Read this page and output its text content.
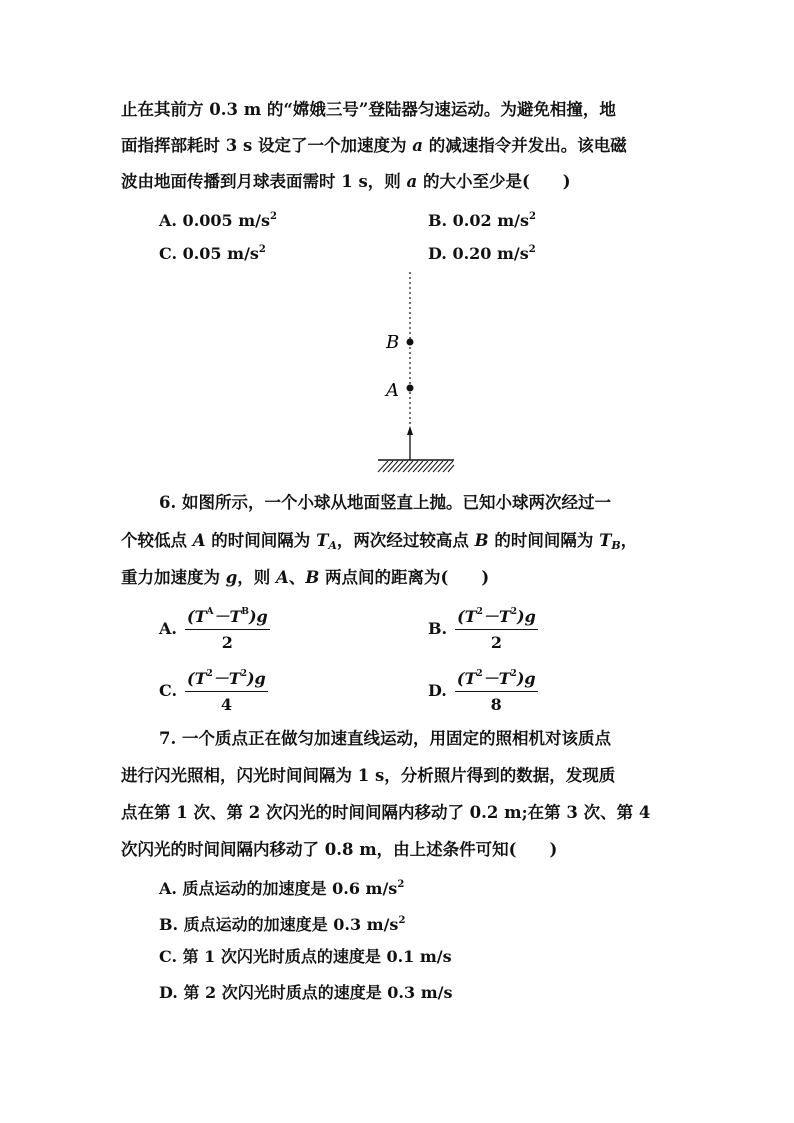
止在其前方 0.3 m 的“嫦娥三号”登陆器匀速运动。为避免相撞，地
面指挥部耗时 3 s 设定了一个加速度为 a 的减速指令并发出。该电磁
波由地面传播到月球表面需时 1 s，则 a 的大小至少是(　　)
A. 0.005 $m/s^2$	B. 0.02 $m/s^2$
C. 0.05 $m/s^2$	D. 0.20 $m/s^2$
B
A
6. 如图所示，一个小球从地面竖直上抛。已知小球两次经过一
个较低点 A 的时间间隔为 $T_A$，两次经过较高点 B 的时间间隔为 $T_B$，
重力加速度为 g，则 A、B 两点间的距离为(　　)
A. $\frac{(T^A-T^B)g}{2}$	B. $\frac{(T^2-T^2)g}{2}$
C. $\frac{(T^2-T^2)g}{4}$	D. $\frac{(T^2-T^2)g}{8}$
7. 一个质点正在做匀加速直线运动，用固定的照相机对该质点
进行闪光照相，闪光时间间隔为 1 s，分析照片得到的数据，发现质
点在第 1 次、第 2 次闪光的时间间隔内移动了 0.2 m;在第 3 次、第 4
次闪光的时间间隔内移动了 0.8 m，由上述条件可知(　　)
A. 质点运动的加速度是 0.6 $m/s^2$
B. 质点运动的加速度是 0.3 $m/s^2$
C. 第 1 次闪光时质点的速度是 0.1 m/s
D. 第 2 次闪光时质点的速度是 0.3 m/s
